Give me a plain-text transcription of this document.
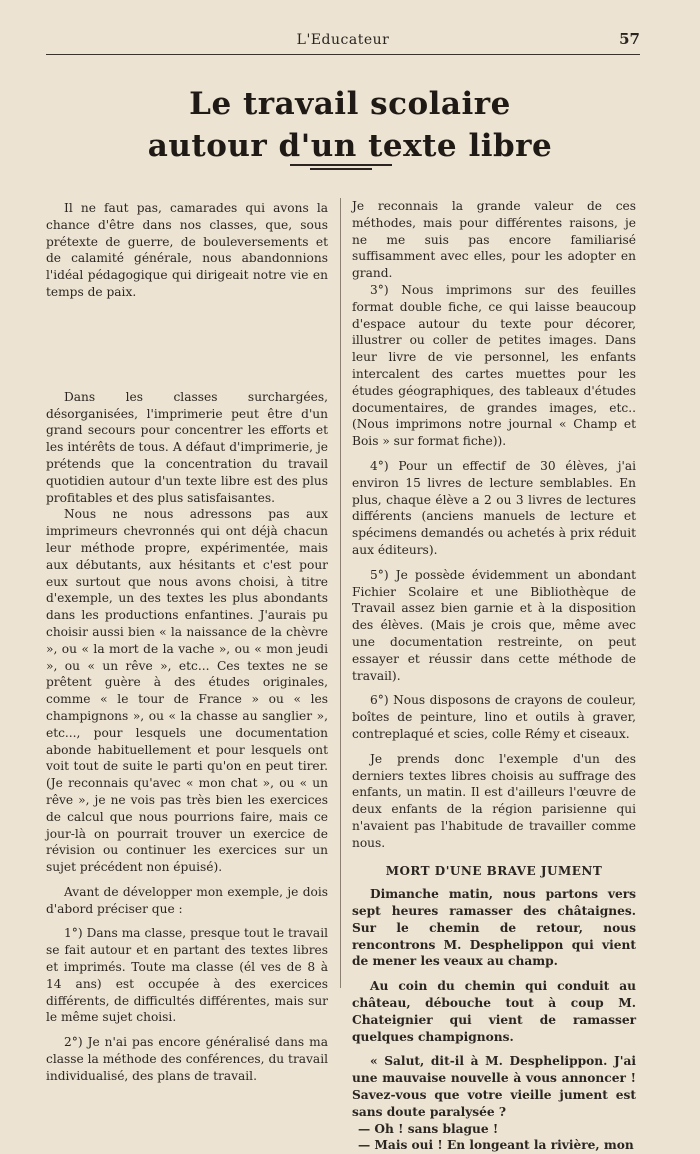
L'Educateur	57
Le travail scolaire
autour d'un texte libre

Il ne faut pas, camarades qui avons la chance d'être dans nos classes, que, sous prétexte de guerre, de bouleversements et de calamité générale, nous abandonnions l'idéal pédagogique qui dirigeait notre vie en temps de paix.

Dans les classes surchargées, désorganisées, l'imprimerie peut être d'un grand secours pour concentrer les efforts et les intérêts de tous. A défaut d'imprimerie, je prétends que la concentration du travail quotidien autour d'un texte libre est des plus profitables et des plus satisfaisantes.

Nous ne nous adressons pas aux imprimeurs chevronnés qui ont déjà chacun leur méthode propre, expérimentée, mais aux débutants, aux hésitants et c'est pour eux surtout que nous avons choisi, à titre d'exemple, un des textes les plus abondants dans les productions enfantines. J'aurais pu choisir aussi bien « la naissance de la chèvre », ou « la mort de la vache », ou « mon jeudi », ou « un rêve », etc... Ces textes ne se prêtent guère à des études originales, comme « le tour de France » ou « les champignons », ou « la chasse au sanglier », etc..., pour lesquels une documentation abonde habituellement et pour lesquels ont voit tout de suite le parti qu'on en peut tirer. (Je reconnais qu'avec « mon chat », ou « un rêve », je ne vois pas très bien les exercices de calcul que nous pourrions faire, mais ce jour-là on pourrait trouver un exercice de révision ou continuer les exercices sur un sujet précédent non épuisé).

Avant de développer mon exemple, je dois d'abord préciser que :

1°) Dans ma classe, presque tout le travail se fait autour et en partant des textes libres et imprimés. Toute ma classe (él ves de 8 à 14 ans) est occupée à des exercices différents, de difficultés différentes, mais sur le même sujet choisi.

2°) Je n'ai pas encore généralisé dans ma classe la méthode des conférences, du travail individualisé, des plans de travail.

Je reconnais la grande valeur de ces méthodes, mais pour différentes raisons, je ne me suis pas encore familiarisé suffisamment avec elles, pour les adopter en grand.

3°) Nous imprimons sur des feuilles format double fiche, ce qui laisse beaucoup d'espace autour du texte pour décorer, illustrer ou coller de petites images. Dans leur livre de vie personnel, les enfants intercalent des cartes muettes pour les études géographiques, des tableaux d'études documentaires, de grandes images, etc.. (Nous imprimons notre journal « Champ et Bois » sur format fiche)).

4°) Pour un effectif de 30 élèves, j'ai environ 15 livres de lecture semblables. En plus, chaque élève a 2 ou 3 livres de lectures différents (anciens manuels de lecture et spécimens demandés ou achetés à prix réduit aux éditeurs).

5°) Je possède évidemment un abondant Fichier Scolaire et une Bibliothèque de Travail assez bien garnie et à la disposition des élèves. (Mais je crois que, même avec une documentation restreinte, on peut essayer et réussir dans cette méthode de travail).

6°) Nous disposons de crayons de couleur, boîtes de peinture, lino et outils à graver, contreplaqué et scies, colle Rémy et ciseaux.

Je prends donc l'exemple d'un des derniers textes libres choisis au suffrage des enfants, un matin. Il est d'ailleurs l'œuvre de deux enfants de la région parisienne qui n'avaient pas l'habitude de travailler comme nous.

MORT D'UNE BRAVE JUMENT

Dimanche matin, nous partons vers sept heures ramasser des châtaignes. Sur le chemin de retour, nous rencontrons M. Desphelippon qui vient de mener les veaux au champ.

Au coin du chemin qui conduit au château, débouche tout à coup M. Chateignier qui vient de ramasser quelques champignons.

« Salut, dit-il à M. Desphelippon. J'ai une mauvaise nouvelle à vous annoncer ! Savez-vous que votre vieille jument est sans doute paralysée ?

— Oh ! sans blague !

— Mais oui ! En longeant la rivière, mon
